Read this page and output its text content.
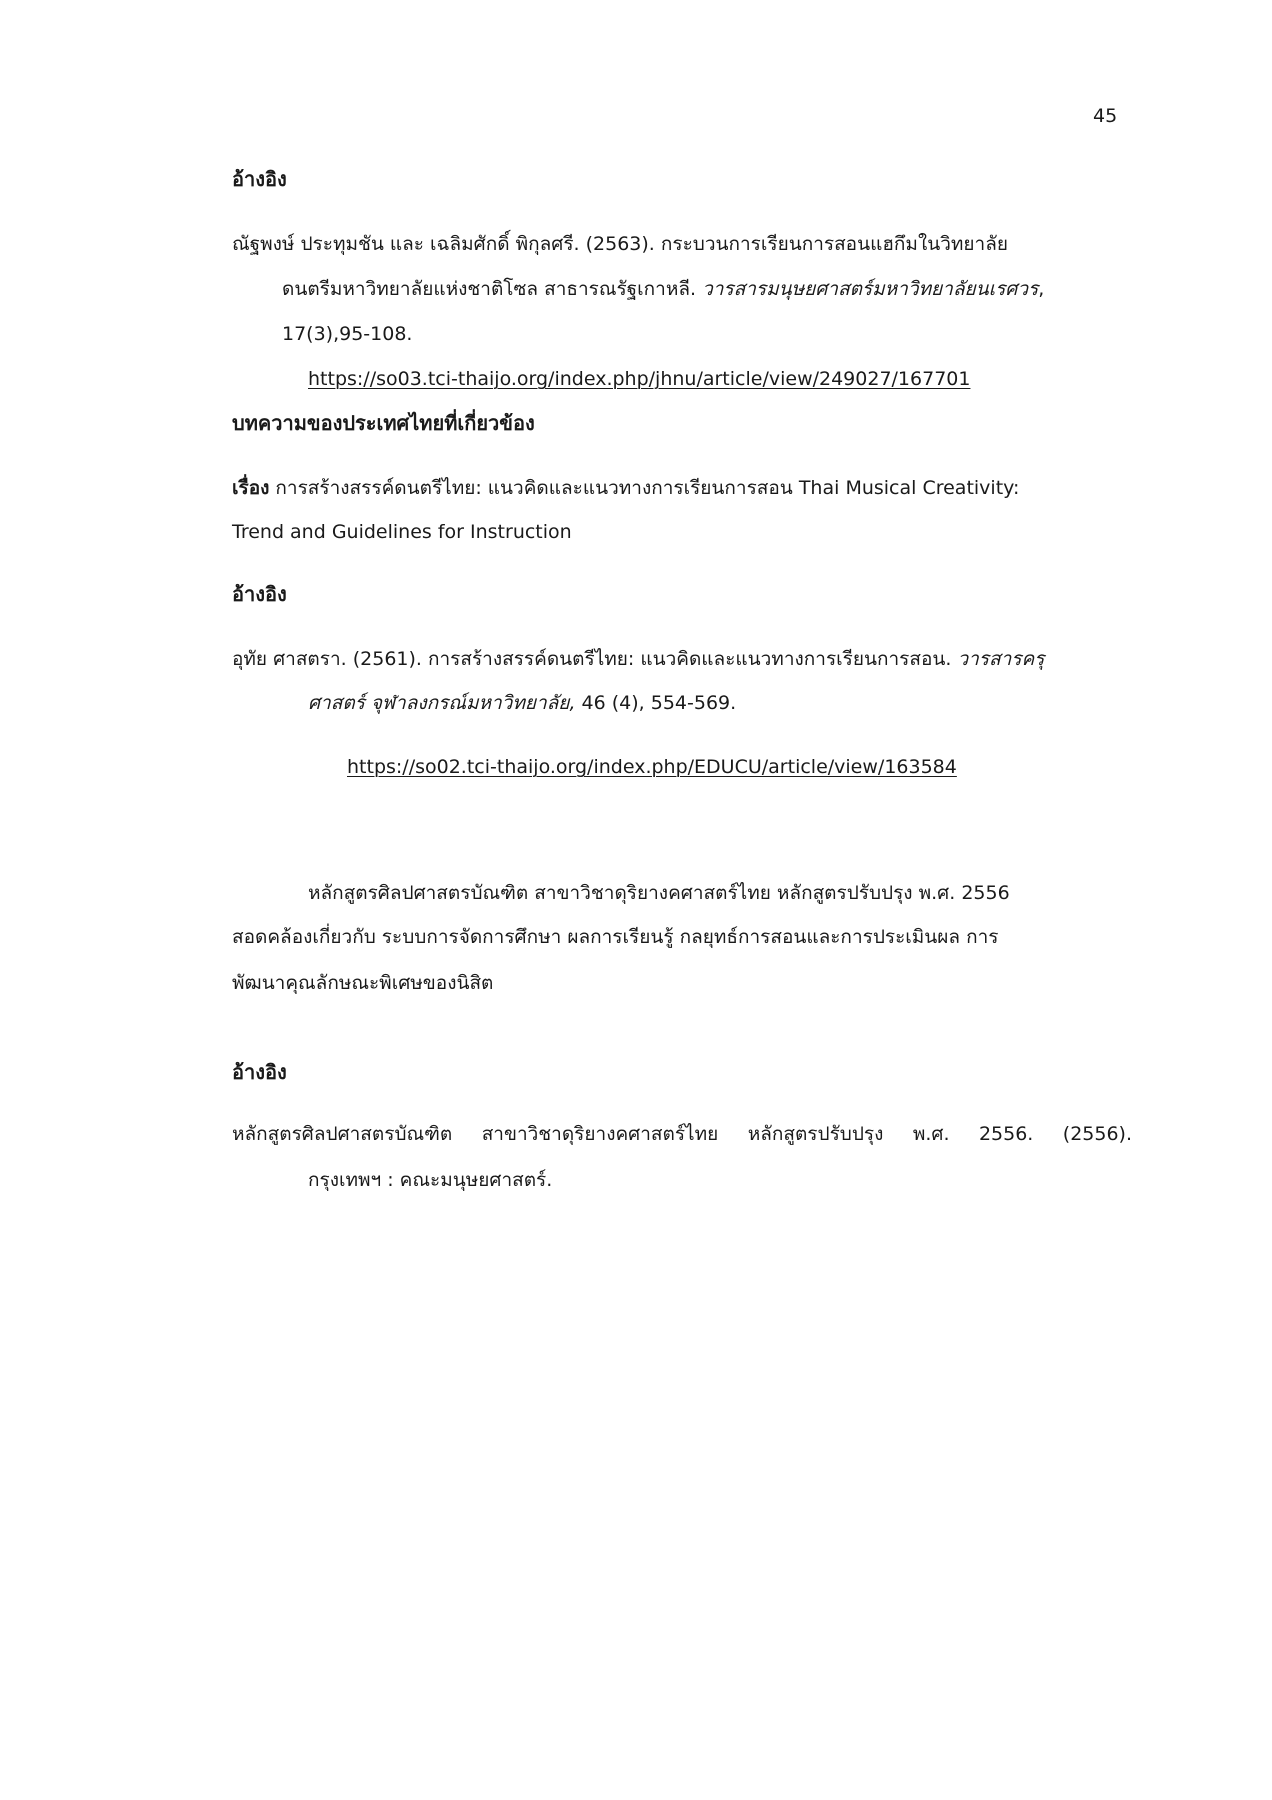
45
อ้างอิง
ณัฐพงษ์ ประทุมชัน และ เฉลิมศักดิ์ พิกุลศรี. (2563). กระบวนการเรียนการสอนแฮกึมในวิทยาลัย
ดนตรีมหาวิทยาลัยแห่งชาติโซล สาธารณรัฐเกาหลี. วารสารมนุษยศาสตร์มหาวิทยาลัยนเรศวร,
17(3),95-108.
https://so03.tci-thaijo.org/index.php/jhnu/article/view/249027/167701
บทความของประเทศไทยที่เกี่ยวข้อง
เรื่อง การสร้างสรรค์ดนตรีไทย: แนวคิดและแนวทางการเรียนการสอน Thai Musical Creativity:
Trend and Guidelines for Instruction
อ้างอิง
อุทัย ศาสตรา. (2561). การสร้างสรรค์ดนตรีไทย: แนวคิดและแนวทางการเรียนการสอน. วารสารครุ
ศาสตร์ จุฬาลงกรณ์มหาวิทยาลัย, 46 (4), 554-569.
https://so02.tci-thaijo.org/index.php/EDUCU/article/view/163584
หลักสูตรศิลปศาสตรบัณฑิต สาขาวิชาดุริยางคศาสตร์ไทย หลักสูตรปรับปรุง พ.ศ. 2556
สอดคล้องเกี่ยวกับ ระบบการจัดการศึกษา ผลการเรียนรู้ กลยุทธ์การสอนและการประเมินผล การ
พัฒนาคุณลักษณะพิเศษของนิสิต
อ้างอิง
หลักสูตรศิลปศาสตรบัณฑิต สาขาวิชาดุริยางคศาสตร์ไทย หลักสูตรปรับปรุง พ.ศ. 2556. (2556).
กรุงเทพฯ : คณะมนุษยศาสตร์.
